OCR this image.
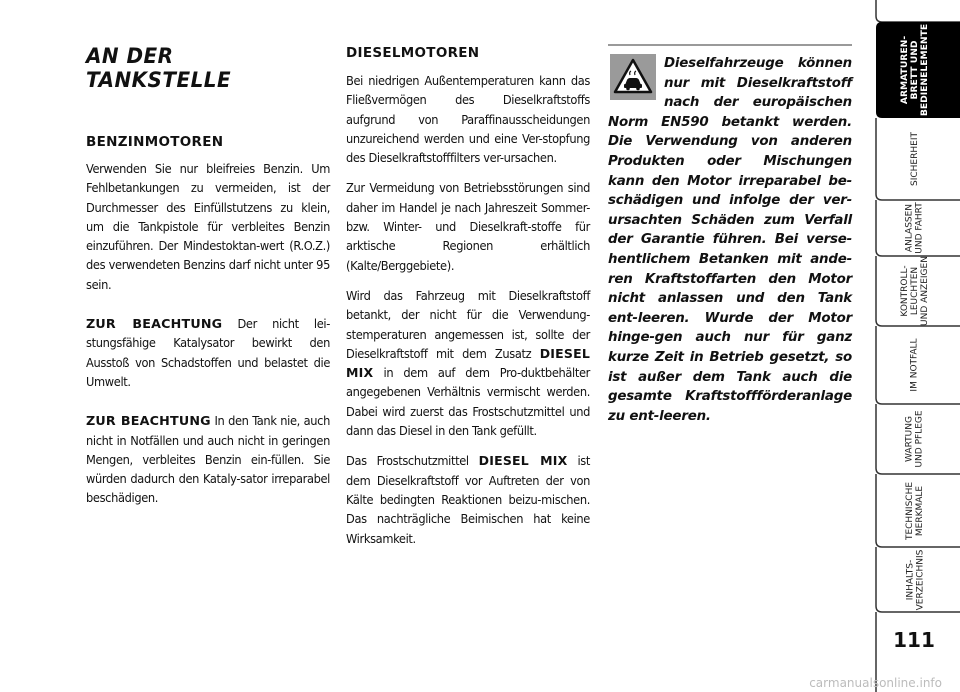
AN DER TANKSTELLE
BENZINMOTOREN

Verwenden Sie nur bleifreies Benzin. Um Fehlbetankungen zu vermeiden, ist der Durchmesser des Einfüllstutzens zu klein, um die Tankpistole für verbleites Benzin einzuführen. Der Mindestoktan-wert (R.O.Z.) des verwendeten Benzins darf nicht unter 95 sein.

ZUR BEACHTUNG Der nicht lei-stungsfähige Katalysator bewirkt den Ausstoß von Schadstoffen und belastet die Umwelt.

ZUR BEACHTUNG In den Tank nie, auch nicht in Notfällen und auch nicht in geringen Mengen, verbleites Benzin ein-füllen. Sie würden dadurch den Kataly-sator irreparabel beschädigen.

DIESELMOTOREN

Bei niedrigen Außentemperaturen kann das Fließvermögen des Dieselkraftstoffs aufgrund von Paraffinausscheidungen unzureichend werden und eine Ver-stopfung des Dieselkraftstofffilters ver-ursachen.

Zur Vermeidung von Betriebsstörungen sind daher im Handel je nach Jahreszeit Sommer- bzw. Winter- und Dieselkraft-stoffe für arktische Regionen erhältlich (Kalte/Berggebiete).

Wird das Fahrzeug mit Dieselkraftstoff betankt, der nicht für die Verwendung-stemperaturen angemessen ist, sollte der Dieselkraftstoff mit dem Zusatz DIESEL MIX in dem auf dem Pro-duktbehälter angegebenen Verhältnis vermischt werden. Dabei wird zuerst das Frostschutzmittel und dann das Diesel in den Tank gefüllt.

Das Frostschutzmittel DIESEL MIX ist dem Dieselkraftstoff vor Auftreten der von Kälte bedingten Reaktionen beizu-mischen. Das nachträgliche Beimischen hat keine Wirksamkeit.

Dieselfahrzeuge können nur mit Dieselkraftstoff nach der europäischen Norm EN590 betankt werden. Die Verwendung von anderen Produkten oder Mischungen kann den Motor irreparabel be-schädigen und infolge der ver-ursachten Schäden zum Verfall der Garantie führen. Bei verse-hentlichem Betanken mit ande-ren Kraftstoffarten den Motor nicht anlassen und den Tank ent-leeren. Wurde der Motor hinge-gen auch nur für ganz kurze Zeit in Betrieb gesetzt, so ist außer dem Tank auch die gesamte Kraftstoffförderanlage zu ent-leeren.
ARMATUREN-
BRETT UND
BEDIENELEMENTE
SICHERHEIT
ANLASSEN
UND FAHRT
KONTROLL-
LEUCHTEN
UND ANZEIGEN
IM NOTFALL
WARTUNG
UND PFLEGE
TECHNISCHE
MERKMALE
INHALTS-
VERZEICHNIS
111
carmanualsonline.info
